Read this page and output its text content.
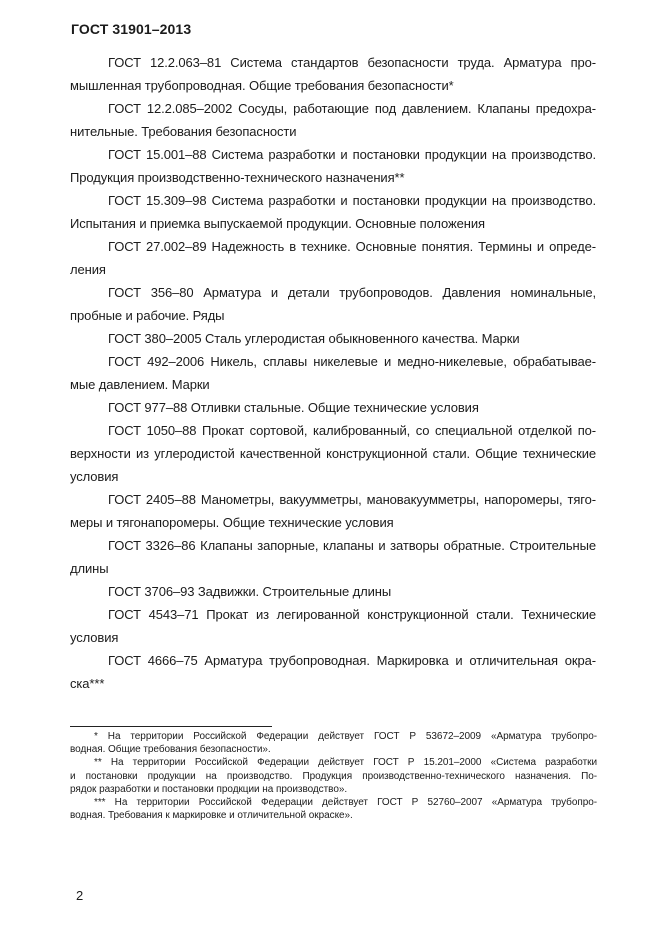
ГОСТ 31901–2013
ГОСТ 12.2.063–81 Система стандартов безопасности труда. Арматура про-
мышленная трубопроводная. Общие требования безопасности*
ГОСТ 12.2.085–2002 Сосуды, работающие под давлением. Клапаны предохра-
нительные. Требования безопасности
ГОСТ 15.001–88 Система разработки и постановки продукции на производство.
Продукция производственно-технического назначения**
ГОСТ 15.309–98 Система разработки и постановки продукции на производство.
Испытания и приемка выпускаемой продукции. Основные положения
ГОСТ 27.002–89 Надежность в технике. Основные понятия. Термины и опреде-
ления
ГОСТ 356–80 Арматура и детали трубопроводов. Давления номинальные,
пробные и рабочие. Ряды
ГОСТ 380–2005 Сталь углеродистая обыкновенного качества. Марки
ГОСТ 492–2006 Никель, сплавы никелевые и медно-никелевые, обрабатывае-
мые давлением. Марки
ГОСТ 977–88 Отливки стальные. Общие технические условия
ГОСТ 1050–88 Прокат сортовой, калиброванный, со специальной отделкой по-
верхности из углеродистой качественной конструкционной стали. Общие технические
условия
ГОСТ 2405–88 Манометры, вакуумметры, мановакуумметры, напоромеры, тяго-
меры и тягонапоромеры. Общие технические условия
ГОСТ 3326–86 Клапаны запорные, клапаны и затворы обратные. Строительные
длины
ГОСТ 3706–93 Задвижки. Строительные длины
ГОСТ 4543–71 Прокат из легированной конструкционной стали. Технические
условия
ГОСТ 4666–75 Арматура трубопроводная. Маркировка и отличительная окра-
ска***
* На территории Российской Федерации действует ГОСТ Р 53672–2009 «Арматура трубопро-
водная. Общие требования безопасности».
** На территории Российской Федерации действует ГОСТ Р 15.201–2000 «Система разработки
и постановки продукции на производство. Продукция производственно-технического назначения. По-
рядок разработки и постановки продкции на производство».
*** На территории Российской Федерации действует ГОСТ Р 52760–2007 «Арматура трубопро-
водная. Требования к маркировке и отличительной окраске».
2
